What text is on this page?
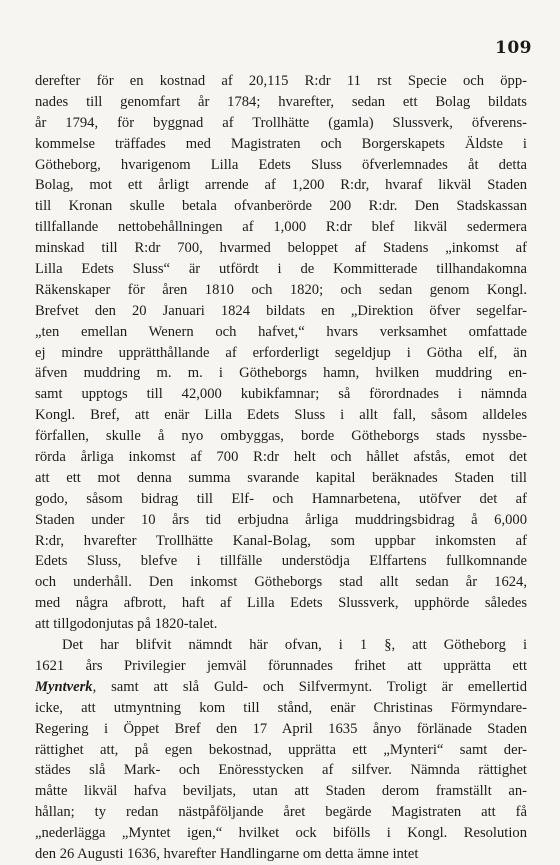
109
derefter för en kostnad af 20,115 R:dr 11 rst Specie och öpp-
nades till genomfart år 1784; hvarefter, sedan ett Bolag bildats
år 1794, för byggnad af Trollhätte (gamla) Slussverk, öfverens-
kommelse träffades med Magistraten och Borgerskapets Äldste i
Götheborg, hvarigenom Lilla Edets Sluss öfverlemnades åt detta
Bolag, mot ett årligt arrende af 1,200 R:dr, hvaraf likväl Staden
till Kronan skulle betala ofvanberörde 200 R:dr. Den Stadskassan
tillfallande nettobehållningen af 1,000 R:dr blef likväl sedermera
minskad till R:dr 700, hvarmed beloppet af Stadens „inkomst af
Lilla Edets Sluss“ är utfördt i de Kommitterade tillhandakomna
Räkenskaper för åren 1810 och 1820; och sedan genom Kongl.
Brefvet den 20 Januari 1824 bildats en „Direktion öfver segelfar-
„ten emellan Wenern och hafvet,“ hvars verksamhet omfattade
ej mindre upprätthållande af erforderligt segeldjup i Götha elf, än
äfven muddring m. m. i Götheborgs hamn, hvilken muddring en-
samt upptogs till 42,000 kubikfamnar; så förordnades i nämnda
Kongl. Bref, att enär Lilla Edets Sluss i allt fall, såsom alldeles
förfallen, skulle å nyo ombyggas, borde Götheborgs stads nyssbe-
rörda årliga inkomst af 700 R:dr helt och hållet afstås, emot det
att ett mot denna summa svarande kapital beräknades Staden till
godo, såsom bidrag till Elf- och Hamnarbetena, utöfver det af
Staden under 10 års tid erbjudna årliga muddringsbidrag å 6,000
R:dr, hvarefter Trollhätte Kanal-Bolag, som uppbar inkomsten af
Edets Sluss, blefve i tillfälle understödja Elffartens fullkomnande
och underhåll. Den inkomst Götheborgs stad allt sedan år 1624,
med några afbrott, haft af Lilla Edets Slussverk, upphörde således
att tillgodonjutas på 1820-talet.
Det har blifvit nämndt här ofvan, i 1 §, att Götheborg i
1621 års Privilegier jemväl förunnades frihet att upprätta ett
Myntverk, samt att slå Guld- och Silfvermynt. Troligt är emellertid
icke, att utmyntning kom till stånd, enär Christinas Förmyndare-
Regering i Öppet Bref den 17 April 1635 ånyo förlänade Staden
rättighet att, på egen bekostnad, upprätta ett „Mynteri“ samt der-
städes slå Mark- och Enöresstycken af silfver. Nämnda rättighet
måtte likväl hafva beviljats, utan att Staden derom framställt an-
hållan; ty redan nästpåföljande året begärde Magistraten att få
„nederlägga „Myntet igen,“ hvilket ock bifölls i Kongl. Resolution
den 26 Augusti 1636, hvarefter Handlingarne om detta ämne intet
